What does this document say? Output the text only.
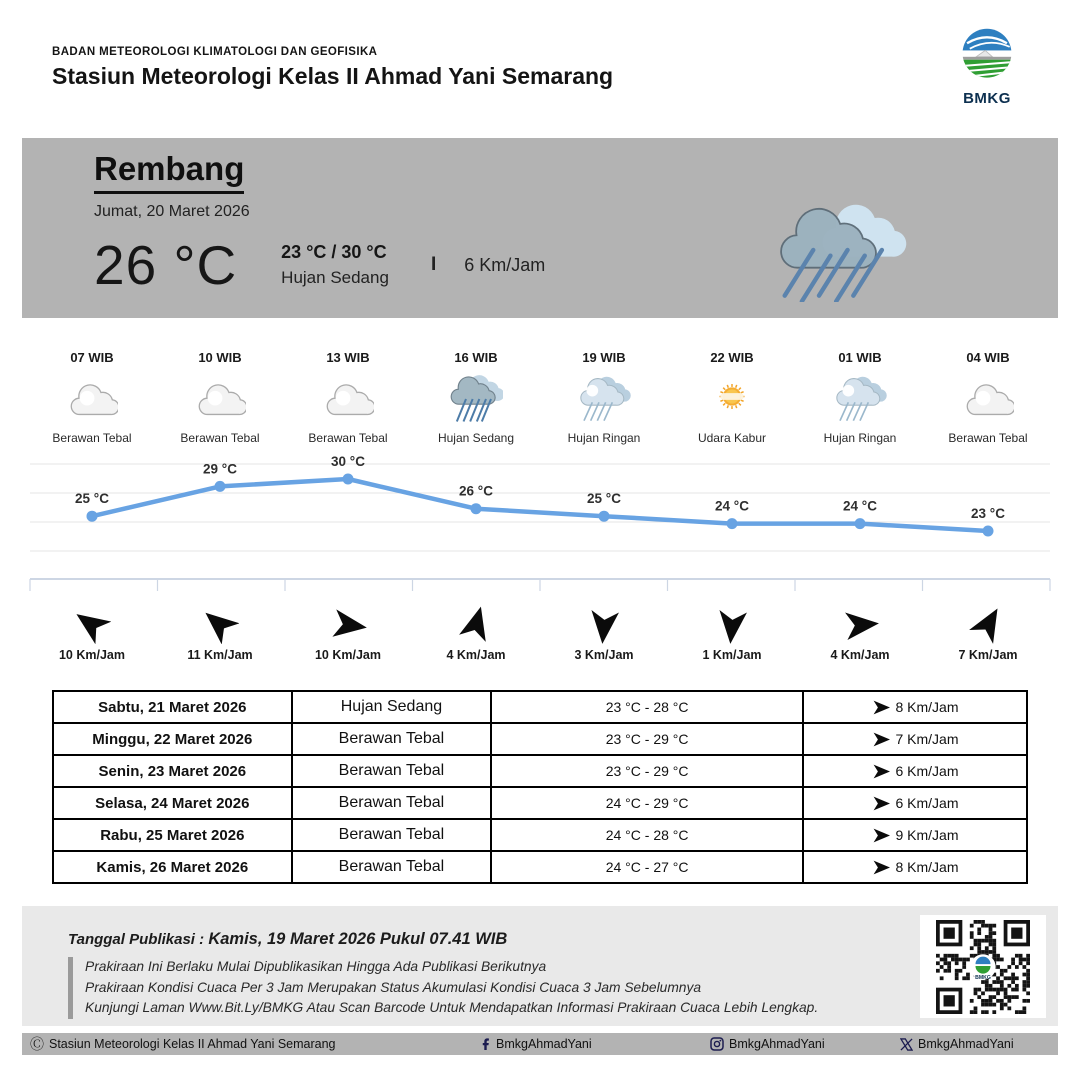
BADAN METEOROLOGI KLIMATOLOGI DAN GEOFISIKA
Stasiun Meteorologi Kelas II Ahmad Yani Semarang
BMKG
Rembang
Jumat, 20 Maret 2026
26 °C 23 °C / 30 °C
Hujan Sedang
I 6 Km/Jam
07 WIB
Berawan Tebal
10 WIB
Berawan Tebal
13 WIB
Berawan Tebal
16 WIB
Hujan Sedang
19 WIB
Hujan Ringan
22 WIB
Udara Kabur
01 WIB
Hujan Ringan
04 WIB
Berawan Tebal
25 °C
29 °C	30 °C
26 °C	25 °C	24 °C	24 °C	23 °C
10 Km/Jam	11 Km/Jam	10 Km/Jam	4 Km/Jam	3 Km/Jam	1 Km/Jam	4 Km/Jam	7 Km/Jam
Sabtu, 21 Maret 2026	Hujan Sedang	23 °C - 28 °C	8 Km/Jam

Minggu, 22 Maret 2026	Berawan Tebal	23 °C - 29 °C	7 Km/Jam

Senin, 23 Maret 2026	Berawan Tebal	23 °C - 29 °C	6 Km/Jam

Selasa, 24 Maret 2026	Berawan Tebal	24 °C - 29 °C	6 Km/Jam

Rabu, 25 Maret 2026	Berawan Tebal	24 °C - 28 °C	9 Km/Jam

Kamis, 26 Maret 2026	Berawan Tebal	24 °C - 27 °C	8 Km/Jam
Tanggal Publikasi : Kamis, 19 Maret 2026 Pukul 07.41 WIB
Prakiraan Ini Berlaku Mulai Dipublikasikan Hingga Ada Publikasi Berikutnya
Prakiraan Kondisi Cuaca Per 3 Jam Merupakan Status Akumulasi Kondisi Cuaca 3 Jam Sebelumnya
Kunjungi Laman Www.Bit.Ly/BMKG Atau Scan Barcode Untuk Mendapatkan Informasi Prakiraan Cuaca Lebih Lengkap.
BMKG
Ⓒ Stasiun Meteorologi Kelas II Ahmad Yani Semarang	BmkgAhmadYani	BmkgAhmadYani	BmkgAhmadYani
